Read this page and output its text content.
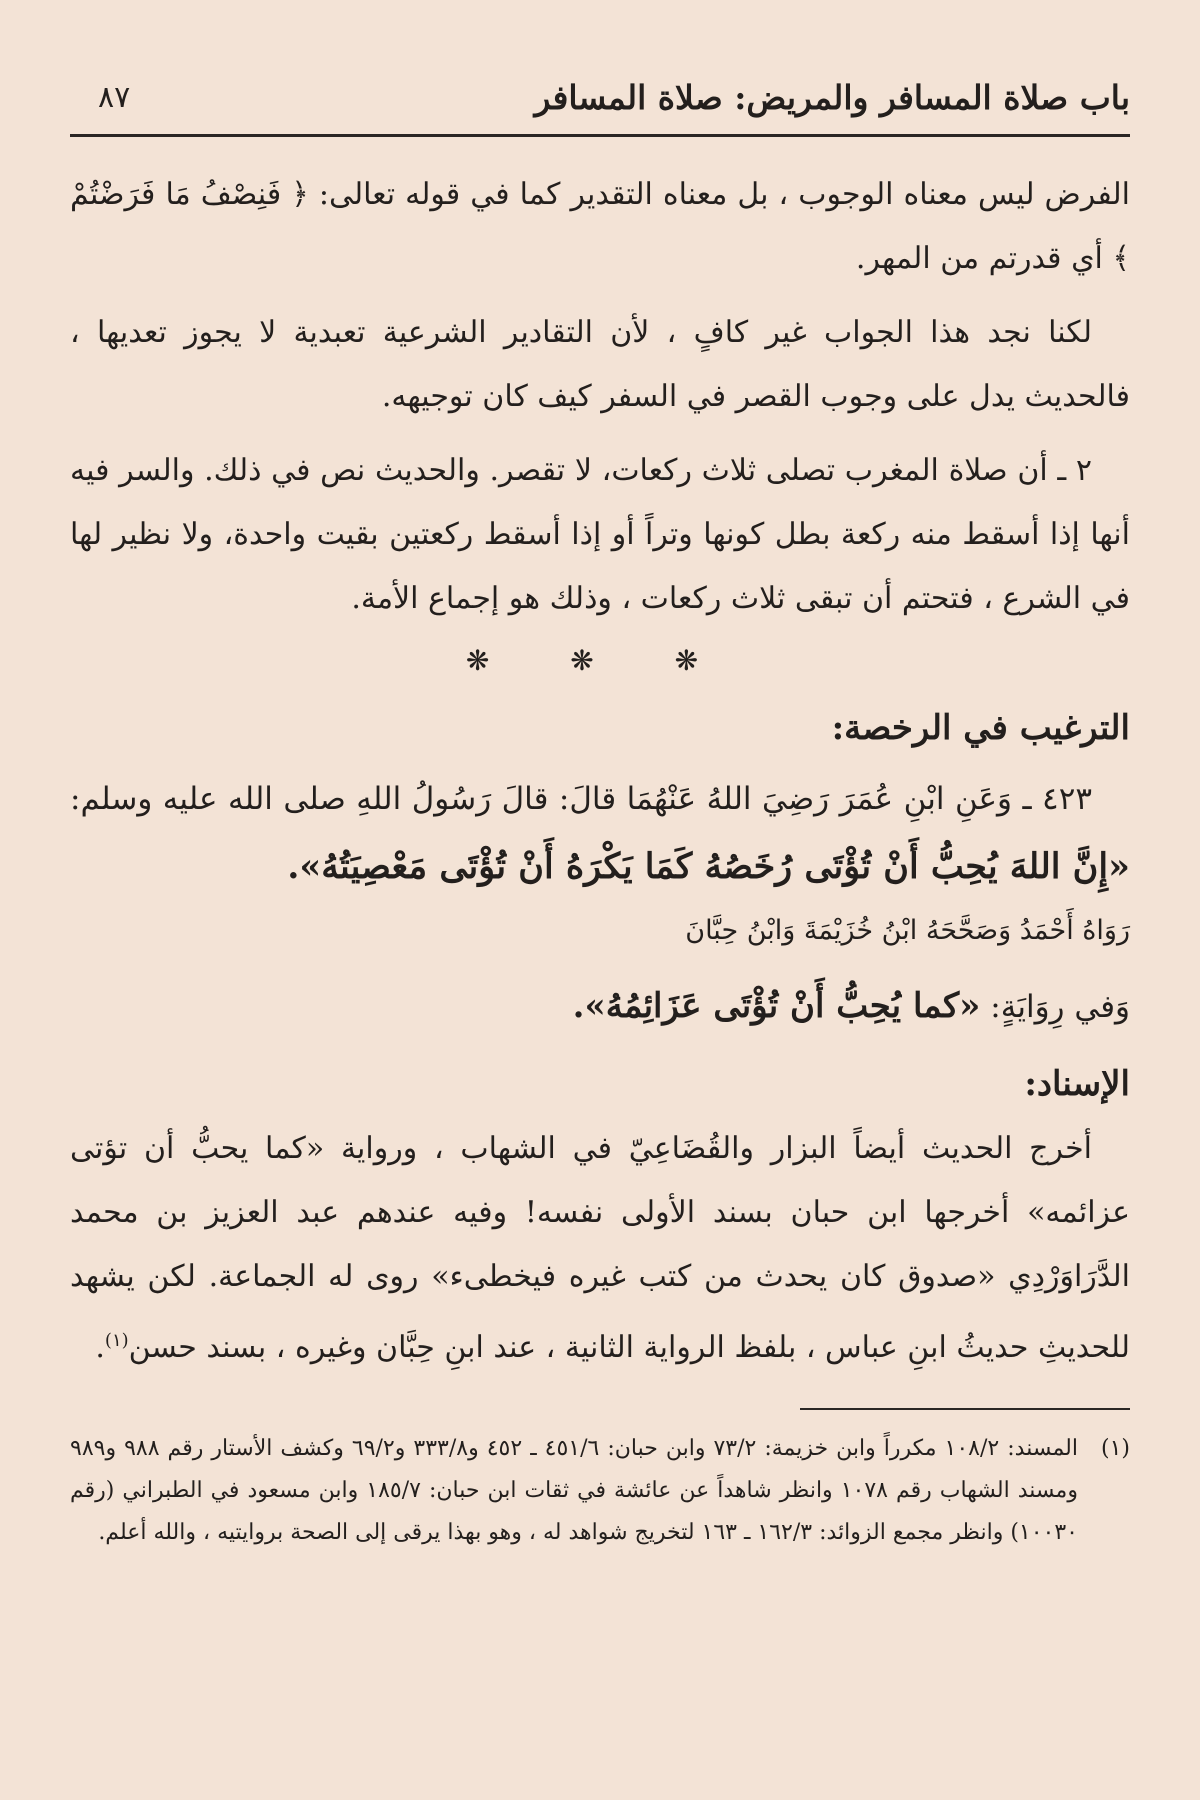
باب صلاة المسافر والمريض: صلاة المسافر
٨٧

الفرض ليس معناه الوجوب ، بل معناه التقدير كما في قوله تعالى: ﴿ فَنِصْفُ مَا فَرَضْتُمْ ﴾ أي قدرتم من المهر.

لكنا نجد هذا الجواب غير كافٍ ، لأن التقادير الشرعية تعبدية لا يجوز تعديها ، فالحديث يدل على وجوب القصر في السفر كيف كان توجيهه.

٢ ـ أن صلاة المغرب تصلى ثلاث ركعات، لا تقصر. والحديث نص في ذلك. والسر فيه أنها إذا أسقط منه ركعة بطل كونها وتراً أو إذا أسقط ركعتين بقيت واحدة، ولا نظير لها في الشرع ، فتحتم أن تبقى ثلاث ركعات ، وذلك هو إجماع الأمة.

❋ ❋ ❋
الترغيب في الرخصة:

٤٢٣ ـ وَعَنِ ابْنِ عُمَرَ رَضِيَ اللهُ عَنْهُمَا قالَ: قالَ رَسُولُ اللهِ صلى الله عليه وسلم: «إِنَّ اللهَ يُحِبُّ أَنْ تُؤْتَى رُخَصُهُ كَمَا يَكْرَهُ أَنْ تُؤْتَى مَعْصِيَتُهُ».

رَوَاهُ أَحْمَدُ وَصَحَّحَهُ ابْنُ خُزَيْمَةَ وَابْنُ حِبَّانَ

وَفي رِوَايَةٍ: «كما يُحِبُّ أَنْ تُؤْتَى عَزَائِمُهُ».

الإسناد:

أخرج الحديث أيضاً البزار والقُضَاعِيّ في الشهاب ، ورواية «كما يحبُّ أن تؤتى عزائمه» أخرجها ابن حبان بسند الأولى نفسه! وفيه عندهم عبد العزيز بن محمد الدَّرَاوَرْدِي «صدوق كان يحدث من كتب غيره فيخطىء» روى له الجماعة. لكن يشهد للحديثِ حديثُ ابنِ عباس ، بلفظ الرواية الثانية ، عند ابنِ حِبَّان وغيره ، بسند حسن$^{(١)}$.

(١)
المسند: ١٠٨/٢ مكرراً وابن خزيمة: ٧٣/٢ وابن حبان: ٤٥١/٦ ـ ٤٥٢ و٣٣٣/٨ و٦٩/٢ وكشف الأستار رقم ٩٨٨ و٩٨٩ ومسند الشهاب رقم ١٠٧٨ وانظر شاهداً عن عائشة في ثقات ابن حبان: ١٨٥/٧ وابن مسعود في الطبراني (رقم ١٠٠٣٠) وانظر مجمع الزوائد: ١٦٢/٣ ـ ١٦٣ لتخريج شواهد له ، وهو بهذا يرقى إلى الصحة بروايتيه ، والله أعلم.
